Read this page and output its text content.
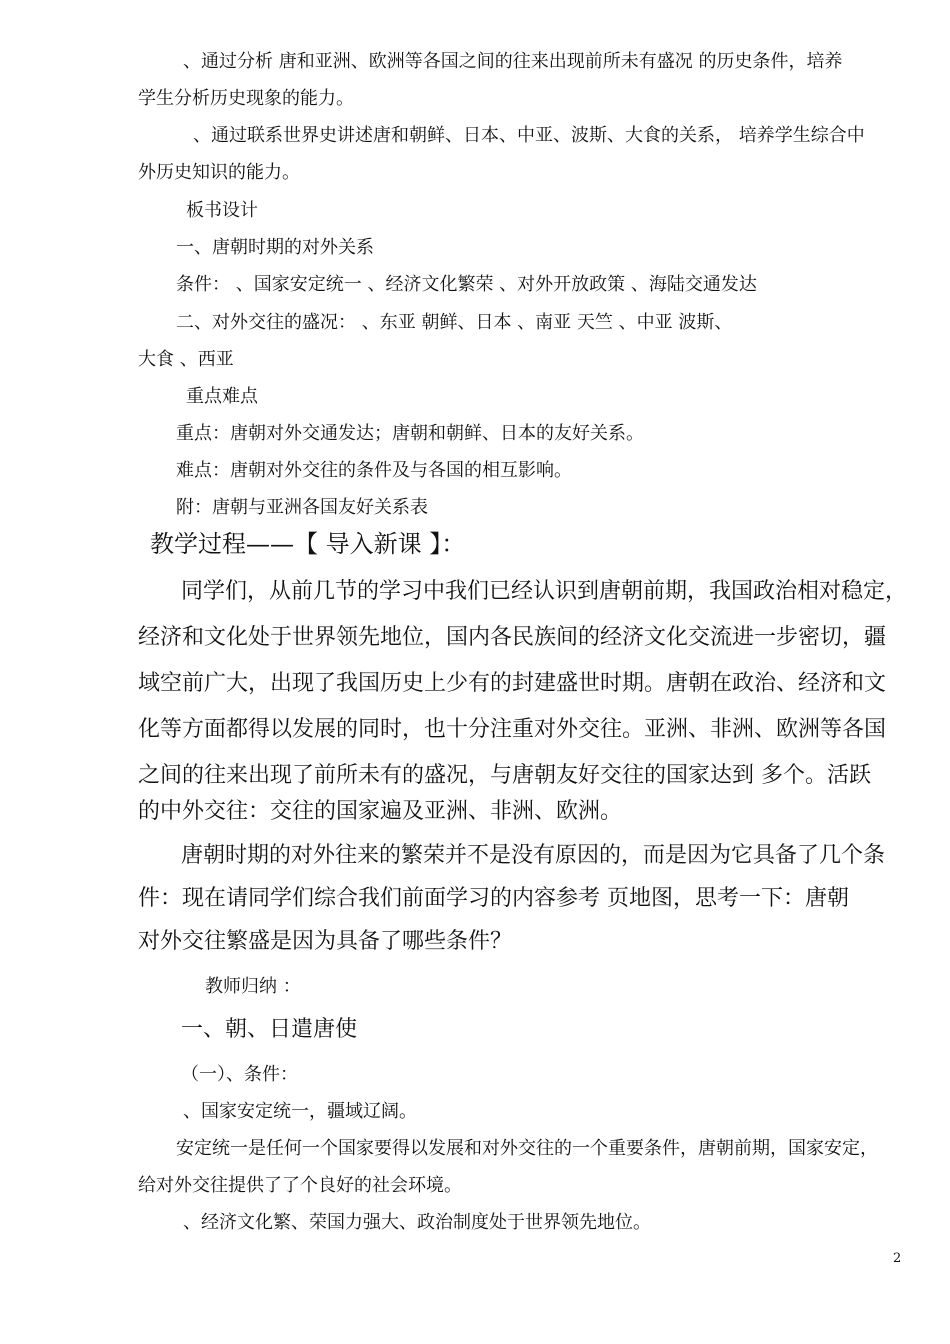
、通过分析 唐和亚洲、欧洲等各国之间的往来出现前所未有盛况 的历史条件，培养
学生分析历史现象的能力。
、通过联系世界史讲述唐和朝鲜、日本、中亚、波斯、大食的关系， 培养学生综合中
外历史知识的能力。
板书设计
一、唐朝时期的对外关系
条件： 、国家安定统一 、经济文化繁荣 、对外开放政策 、海陆交通发达
二、对外交往的盛况： 、东亚 朝鲜、日本 、南亚 天竺 、中亚 波斯、
大食 、西亚
重点难点
重点：唐朝对外交通发达；唐朝和朝鲜、日本的友好关系。
难点：唐朝对外交往的条件及与各国的相互影响。
附：唐朝与亚洲各国友好关系表
教学过程——【 导入新课 】：
同学们，从前几节的学习中我们已经认识到唐朝前期，我国政治相对稳定，
经济和文化处于世界领先地位，国内各民族间的经济文化交流进一步密切，疆
域空前广大，出现了我国历史上少有的封建盛世时期。唐朝在政治、经济和文
化等方面都得以发展的同时，也十分注重对外交往。亚洲、非洲、欧洲等各国
之间的往来出现了前所未有的盛况，与唐朝友好交往的国家达到 多个。活跃
的中外交往：交往的国家遍及亚洲、非洲、欧洲。
唐朝时期的对外往来的繁荣并不是没有原因的，而是因为它具备了几个条
件：现在请同学们综合我们前面学习的内容参考 页地图，思考一下：唐朝
对外交往繁盛是因为具备了哪些条件？
教师归纳 ：
一、朝、日遣唐使
（一）、条件：
、国家安定统一，疆域辽阔。
安定统一是任何一个国家要得以发展和对外交往的一个重要条件，唐朝前期，国家安定，
给对外交往提供了了个良好的社会环境。
、经济文化繁、荣国力强大、政治制度处于世界领先地位。
2
